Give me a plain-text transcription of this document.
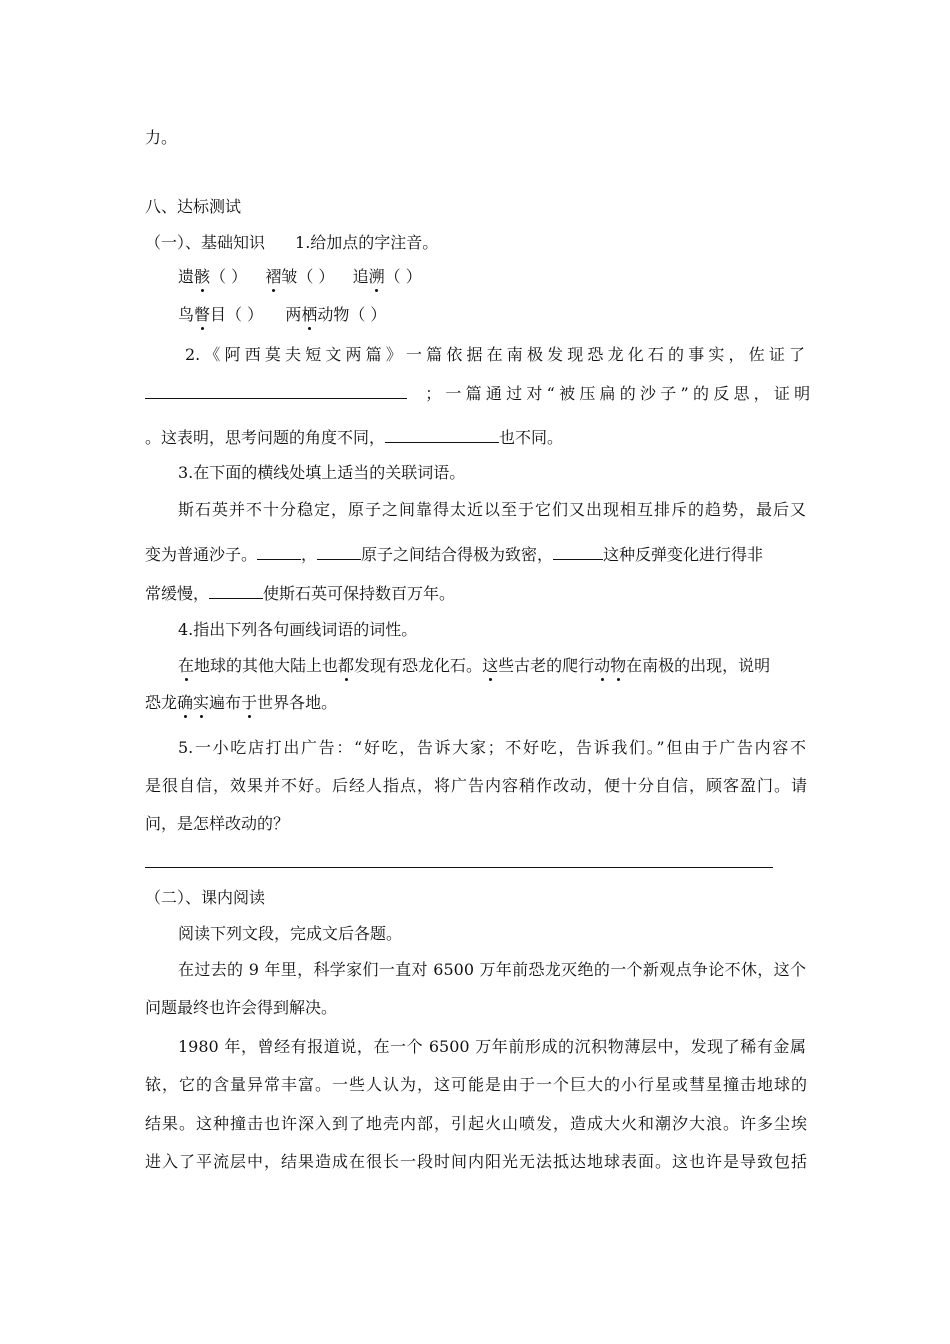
力。
八、达标测试
（一）、基础知识 1.给加点的字注音。
遗骸（ ） 褶皱（ ） 追溯（ ）
鸟瞥目（ ） 两栖动物（ ）
2.《阿西莫夫短文两篇》一篇依据在南极发现恐龙化石的事实，佐证了
；一篇通过对“被压扁的沙子”的反思，证明
。这表明，思考问题的角度不同，	也不同。
3.在下面的横线处填上适当的关联词语。
斯石英并不十分稳定，原子之间靠得太近以至于它们又出现相互排斥的趋势，最后又
变为普通沙子。	，	原子之间结合得极为致密，	这种反弹变化进行得非
常缓慢，	使斯石英可保持数百万年。
4.指出下列各句画线词语的词性。
在地球的其他大陆上也都发现有恐龙化石。这些古老的爬行动物在南极的出现，说明
恐龙确实遍布于世界各地。
5.一小吃店打出广告：“好吃，告诉大家；不好吃，告诉我们。”但由于广告内容不
是很自信，效果并不好。后经人指点，将广告内容稍作改动，便十分自信，顾客盈门。请
问，是怎样改动的？
（二）、课内阅读
阅读下列文段，完成文后各题。
在过去的 9 年里，科学家们一直对 6500 万年前恐龙灭绝的一个新观点争论不休，这个
问题最终也许会得到解决。
1980 年，曾经有报道说，在一个 6500 万年前形成的沉积物薄层中，发现了稀有金属
铱，它的含量异常丰富。一些人认为，这可能是由于一个巨大的小行星或彗星撞击地球的
结果。这种撞击也许深入到了地壳内部，引起火山喷发，造成大火和潮汐大浪。许多尘埃
进入了平流层中，结果造成在很长一段时间内阳光无法抵达地球表面。这也许是导致包括
